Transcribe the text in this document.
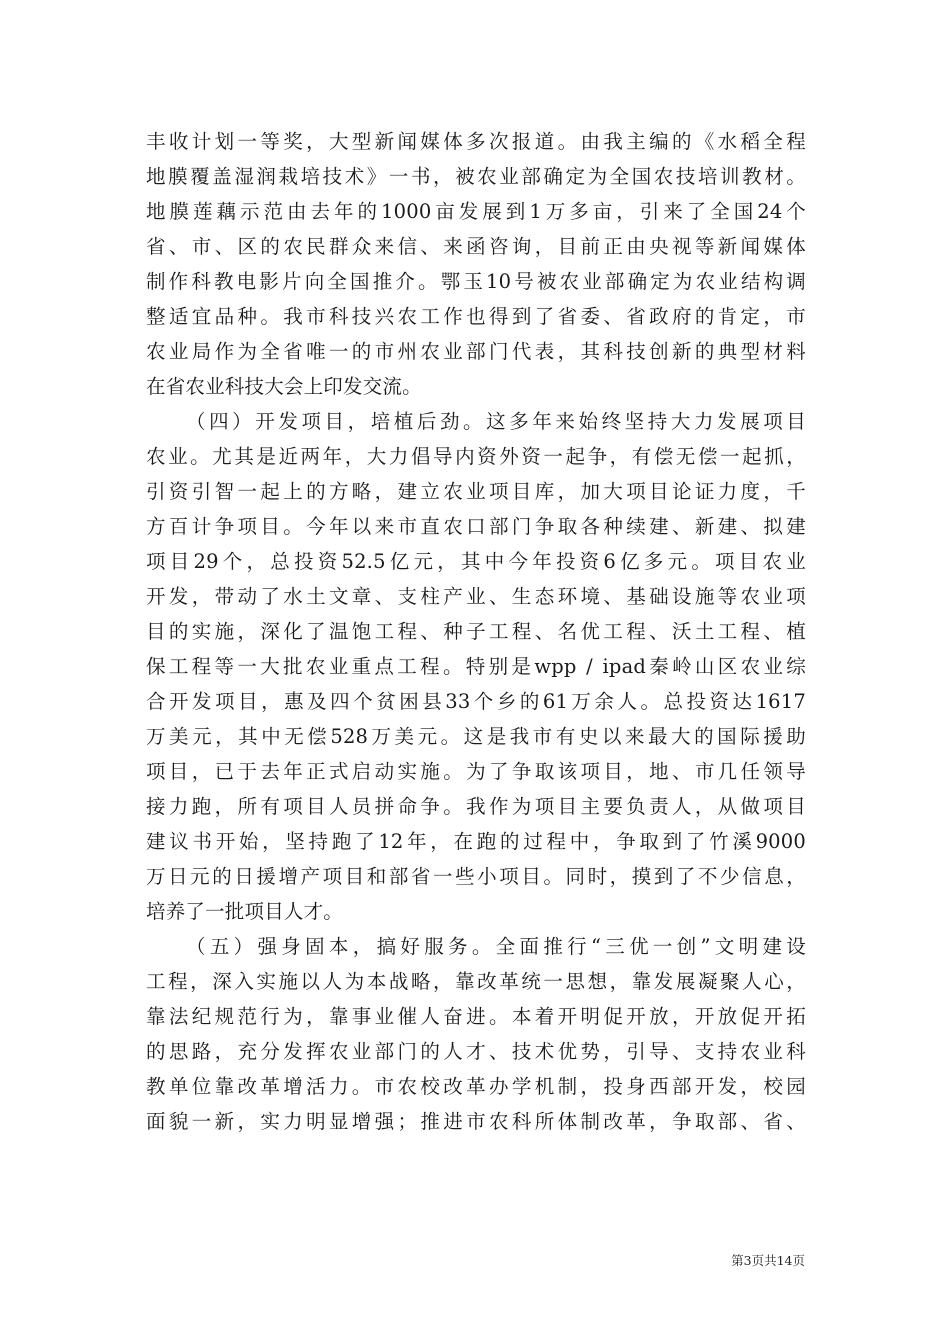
丰收计划一等奖，大型新闻媒体多次报道。由我主编的《水稻全程
地膜覆盖湿润栽培技术》一书，被农业部确定为全国农技培训教材。
地膜莲藕示范由去年的1000亩发展到1万多亩，引来了全国24个
省、市、区的农民群众来信、来函咨询，目前正由央视等新闻媒体
制作科教电影片向全国推介。鄂玉10号被农业部确定为农业结构调
整适宜品种。我市科技兴农工作也得到了省委、省政府的肯定，市
农业局作为全省唯一的市州农业部门代表，其科技创新的典型材料
在省农业科技大会上印发交流。
（四）开发项目，培植后劲。这多年来始终坚持大力发展项目
农业。尤其是近两年，大力倡导内资外资一起争，有偿无偿一起抓，
引资引智一起上的方略，建立农业项目库，加大项目论证力度，千
方百计争项目。今年以来市直农口部门争取各种续建、新建、拟建
项目29个，总投资52.5亿元，其中今年投资6亿多元。项目农业
开发，带动了水土文章、支柱产业、生态环境、基础设施等农业项
目的实施，深化了温饱工程、种子工程、名优工程、沃土工程、植
保工程等一大批农业重点工程。特别是wpp / ipad秦岭山区农业综
合开发项目，惠及四个贫困县33个乡的61万余人。总投资达1617
万美元，其中无偿528万美元。这是我市有史以来最大的国际援助
项目，已于去年正式启动实施。为了争取该项目，地、市几任领导
接力跑，所有项目人员拼命争。我作为项目主要负责人，从做项目
建议书开始，坚持跑了12年，在跑的过程中，争取到了竹溪9000
万日元的日援增产项目和部省一些小项目。同时，摸到了不少信息，
培养了一批项目人才。
（五）强身固本，搞好服务。全面推行“三优一创”文明建设
工程，深入实施以人为本战略，靠改革统一思想，靠发展凝聚人心，
靠法纪规范行为，靠事业催人奋进。本着开明促开放，开放促开拓
的思路，充分发挥农业部门的人才、技术优势，引导、支持农业科
教单位靠改革增活力。市农校改革办学机制，投身西部开发，校园
面貌一新，实力明显增强；推进市农科所体制改革，争取部、省、
第3页共14页
